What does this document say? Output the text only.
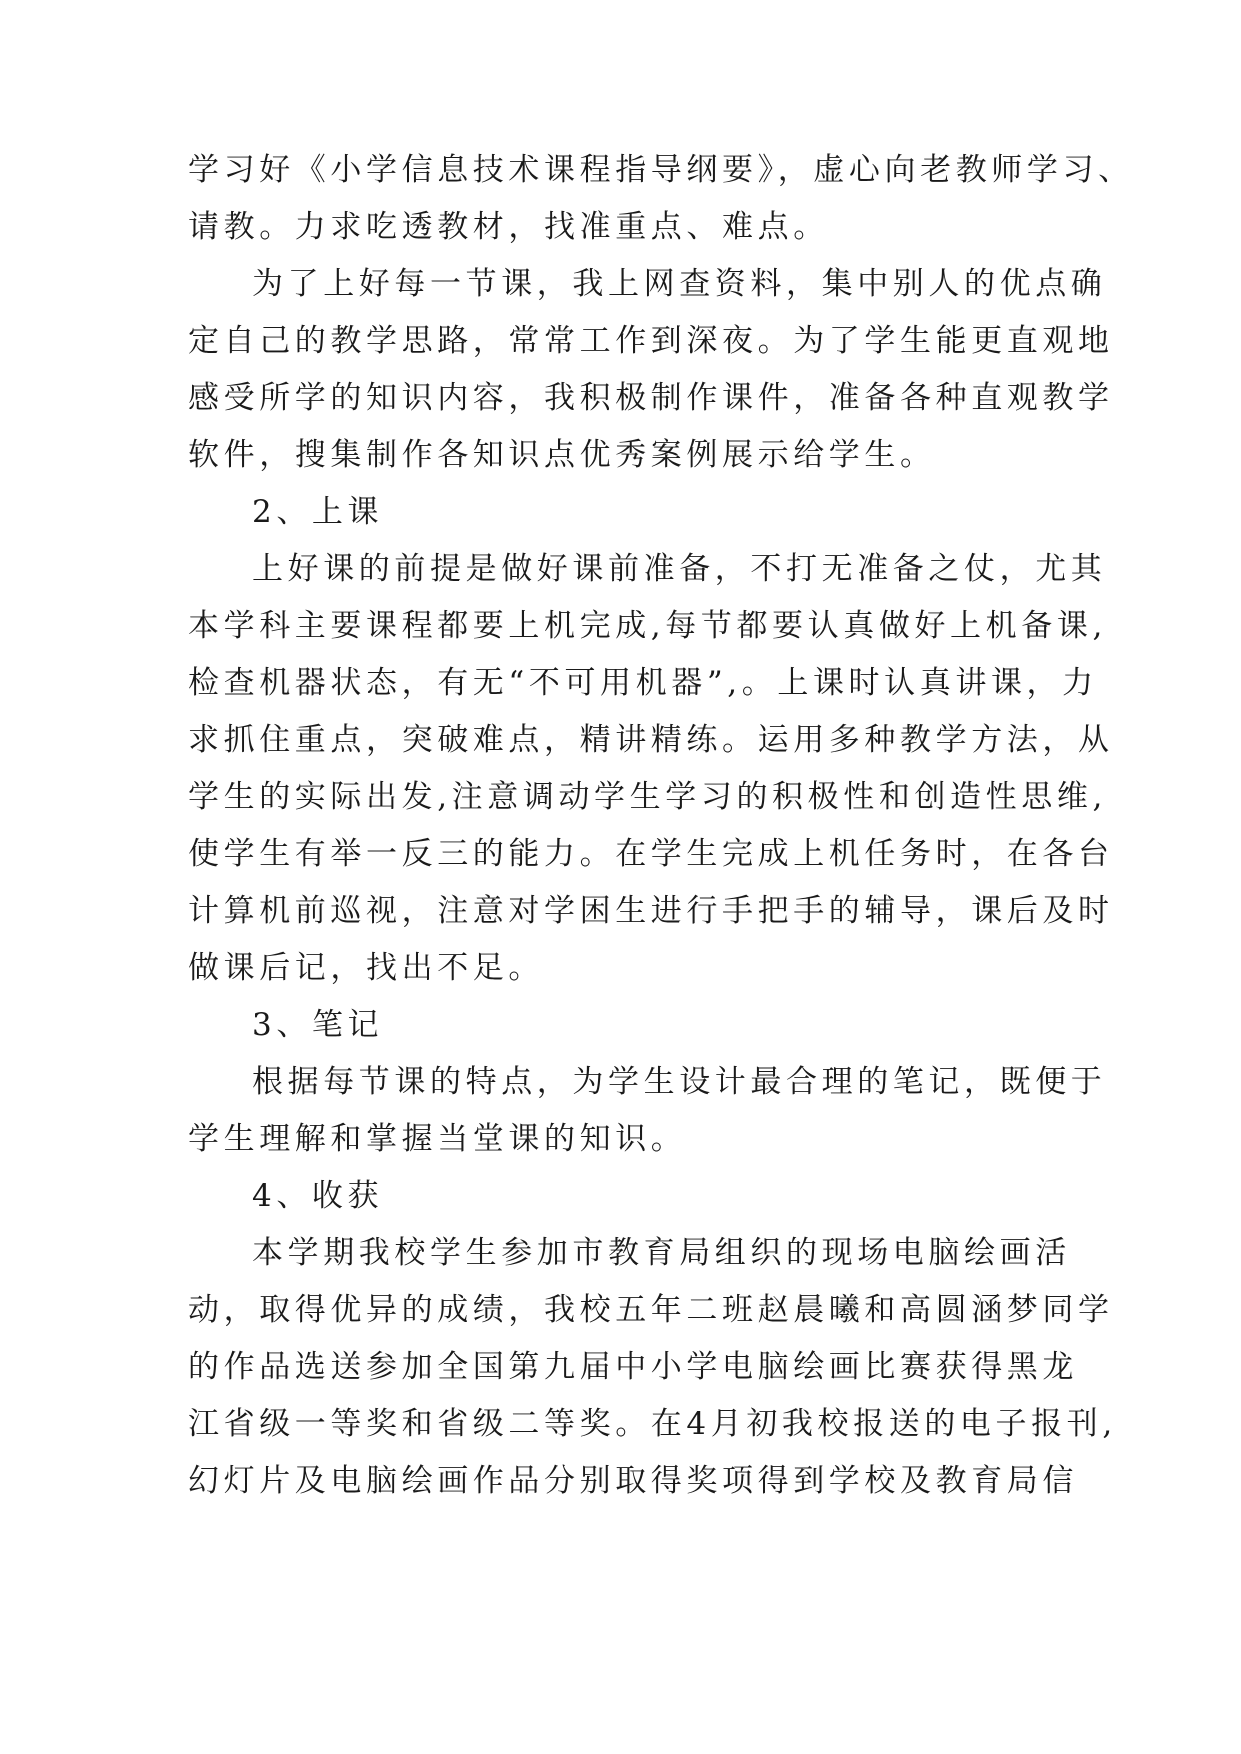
学习好《小学信息技术课程指导纲要》，虚心向老教师学习、
请教。力求吃透教材，找准重点、难点。
为了上好每一节课，我上网查资料，集中别人的优点确
定自己的教学思路，常常工作到深夜。为了学生能更直观地
感受所学的知识内容，我积极制作课件，准备各种直观教学
软件，搜集制作各知识点优秀案例展示给学生。
2、上课
上好课的前提是做好课前准备，不打无准备之仗，尤其
本学科主要课程都要上机完成,每节都要认真做好上机备课,
检查机器状态，有无“不可用机器”,。上课时认真讲课，力
求抓住重点，突破难点，精讲精练。运用多种教学方法，从
学生的实际出发,注意调动学生学习的积极性和创造性思维,
使学生有举一反三的能力。在学生完成上机任务时，在各台
计算机前巡视，注意对学困生进行手把手的辅导，课后及时
做课后记，找出不足。
3、笔记
根据每节课的特点，为学生设计最合理的笔记，既便于
学生理解和掌握当堂课的知识。
4、收获
本学期我校学生参加市教育局组织的现场电脑绘画活
动，取得优异的成绩，我校五年二班赵晨曦和高圆涵梦同学
的作品选送参加全国第九届中小学电脑绘画比赛获得黑龙
江省级一等奖和省级二等奖。在4月初我校报送的电子报刊,
幻灯片及电脑绘画作品分别取得奖项得到学校及教育局信
